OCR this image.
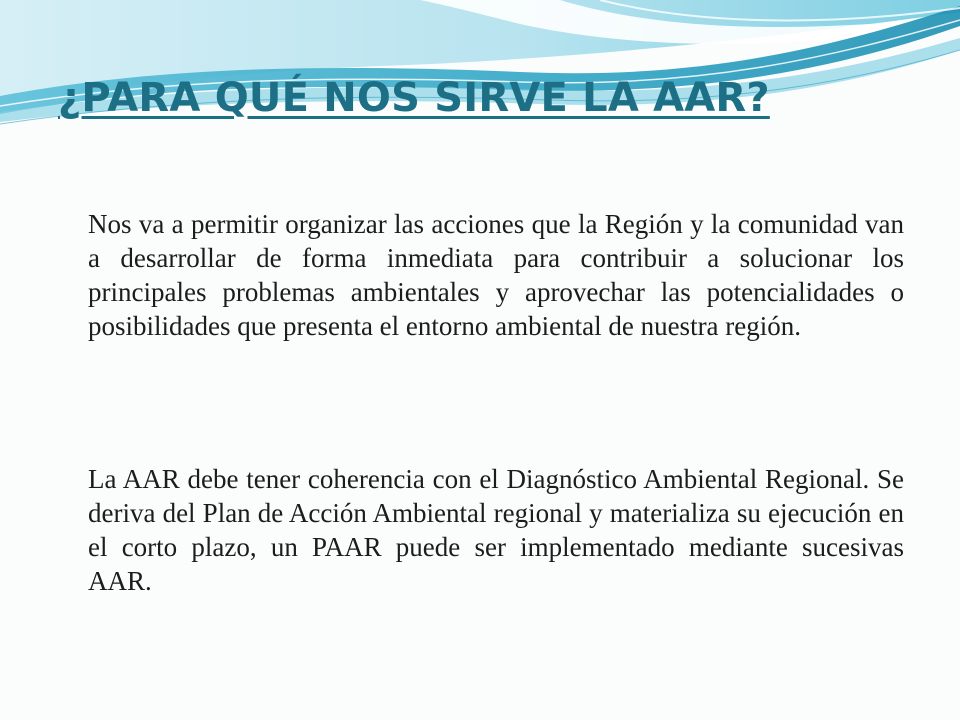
¿PARA QUÉ NOS SIRVE LA AAR?

Nos va a permitir organizar las acciones que la Región y la comunidad van a desarrollar de forma inmediata para contribuir a solucionar los principales problemas ambientales y aprovechar las potencialidades o posibilidades que presenta el entorno ambiental de nuestra región.

La AAR debe tener coherencia con el Diagnóstico Ambiental Regional. Se deriva del Plan de Acción Ambiental regional y materializa su ejecución en el corto plazo, un PAAR puede ser implementado mediante sucesivas AAR.
